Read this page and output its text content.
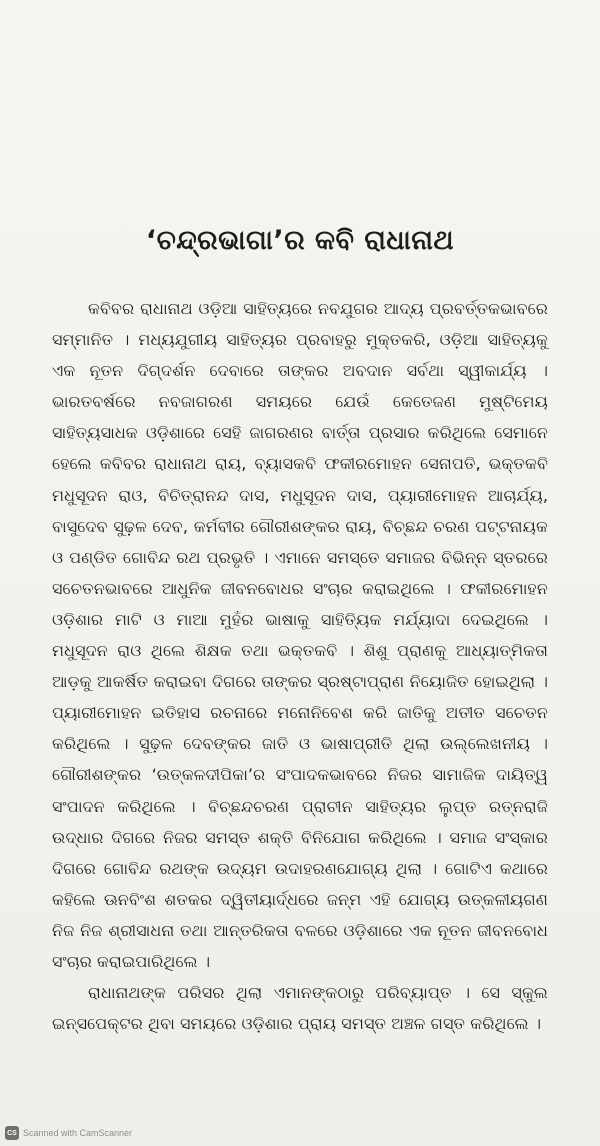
‘ଚନ୍ଦ୍ରଭାଗା’ର କବି ରାଧାନାଥ

କବିବର ରାଧାନାଥ ଓଡ଼ିଆ ସାହିତ୍ୟରେ ନବଯୁଗର ଆଦ୍ୟ ପ୍ରବର୍ତ୍ତକଭାବରେ ସମ୍ମାନିତ । ମଧ୍ୟଯୁଗୀୟ ସାହିତ୍ୟର ପ୍ରବାହରୁ ମୁକ୍ତକରି, ଓଡ଼ିଆ ସାହିତ୍ୟକୁ ଏକ ନୂତନ ଦିଗ୍‌ଦର୍ଶନ ଦେବାରେ ତାଙ୍କର ଅବଦାନ ସର୍ବଥା ସ୍ୱୀକାର୍ଯ୍ୟ । ଭାରତବର୍ଷରେ ନବଜାଗରଣ ସମୟରେ ଯେଉଁ କେତେଜଣ ମୁଷ୍ଟିମେୟ ସାହିତ୍ୟସାଧକ ଓଡ଼ିଶାରେ ସେହି ଜାଗରଣର ବାର୍ତ୍ତା ପ୍ରସାର କରିଥିଲେ ସେମାନେ ହେଲେ କବିବର ରାଧାନାଥ ରାୟ, ବ୍ୟାସକବି ଫକୀରମୋହନ ସେନାପତି, ଭକ୍ତକବି ମଧୁସୂଦନ ରାଓ, ବିଚିତ୍ରାନନ୍ଦ ଦାସ, ମଧୁସୂଦନ ଦାସ, ପ୍ୟାରୀମୋହନ ଆଚାର୍ଯ୍ୟ, ବାସୁଦେବ ସୁଢ଼ଳ ଦେବ, କର୍ମବୀର ଗୌରୀଶଙ୍କର ରାୟ, ବିଚ୍ଛନ୍ଦ ଚରଣ ପଟ୍ଟନାୟକ ଓ ପଣ୍ଡିତ ଗୋବିନ୍ଦ ରଥ ପ୍ରଭୃତି । ଏମାନେ ସମସ୍ତେ ସମାଜର ବିଭିନ୍ନ ସ୍ତରରେ ସଚେତନଭାବରେ ଆଧୁନିକ ଜୀବନବୋଧର ସଂଚାର କରାଇଥିଲେ । ଫକୀରମୋହନ ଓଡ଼ିଶାର ମାଟି ଓ ମାଆ ମୁହଁର ଭାଷାକୁ ସାହିତ୍ୟିକ ମର୍ଯ୍ୟାଦା ଦେଇଥିଲେ । ମଧୁସୂଦନ ରାଓ ଥିଲେ ଶିକ୍ଷକ ତଥା ଭକ୍ତକବି । ଶିଶୁ ପ୍ରାଣକୁ ଆଧ୍ୟାତ୍ମିକତା ଆଡ଼କୁ ଆକର୍ଷିତ କରାଇବା ଦିଗରେ ତାଙ୍କର ସ୍ରଷ୍ଟାପ୍ରାଣ ନିୟୋଜିତ ହୋଇଥିଲା । ପ୍ୟାରୀମୋହନ ଇତିହାସ ରଚନାରେ ମନୋନିବେଶ କରି ଜାତିକୁ ଅତୀତ ସଚେତନ କରିଥିଲେ । ସୁଢ଼ଳ ଦେବଙ୍କର ଜାତି ଓ ଭାଷାପ୍ରୀତି ଥିଲା ଉଲ୍ଲେଖନୀୟ । ଗୌରୀଶଙ୍କର ‘ଉତ୍କଳଦୀପିକା’ର ସଂପାଦକଭାବରେ ନିଜର ସାମାଜିକ ଦାୟିତ୍ୱ ସଂପାଦନ କରିଥିଲେ । ବିଚ୍ଛନ୍ଦଚରଣ ପ୍ରାଚୀନ ସାହିତ୍ୟର ଲୁପ୍ତ ରତ୍ନରାଜି ଉଦ୍ଧାର ଦିଗରେ ନିଜର ସମସ୍ତ ଶକ୍ତି ବିନିଯୋଗ କରିଥିଲେ । ସମାଜ ସଂସ୍କାର ଦିଗରେ ଗୋବିନ୍ଦ ରଥଙ୍କ ଉଦ୍ୟମ ଉଦାହରଣଯୋଗ୍ୟ ଥିଲା । ଗୋଟିଏ କଥାରେ କହିଲେ ଊନବିଂଶ ଶତକର ଦ୍ୱିତୀୟାର୍ଦ୍ଧରେ ଜନ୍ମ ଏହି ଯୋଗ୍ୟ ଉତ୍କଳୀୟଗଣ ନିଜ ନିଜ ଶ୍ରୀସାଧନା ତଥା ଆନ୍ତରିକତା ବଳରେ ଓଡ଼ିଶାରେ ଏକ ନୂତନ ଜୀବନବୋଧ ସଂଚାର କରାଇପାରିଥିଲେ ।

ରାଧାନାଥଙ୍କ ପରିସର ଥିଲା ଏମାନଙ୍କଠାରୁ ପରିବ୍ୟାପ୍ତ । ସେ ସ୍କୁଲ ଇନ୍‌ସପେକ୍ଟର ଥିବା ସମୟରେ ଓଡ଼ିଶାର ପ୍ରାୟ ସମସ୍ତ ଅଞ୍ଚଳ ଗସ୍ତ କରିଥିଲେ ।

CS Scanned with CamScanner
